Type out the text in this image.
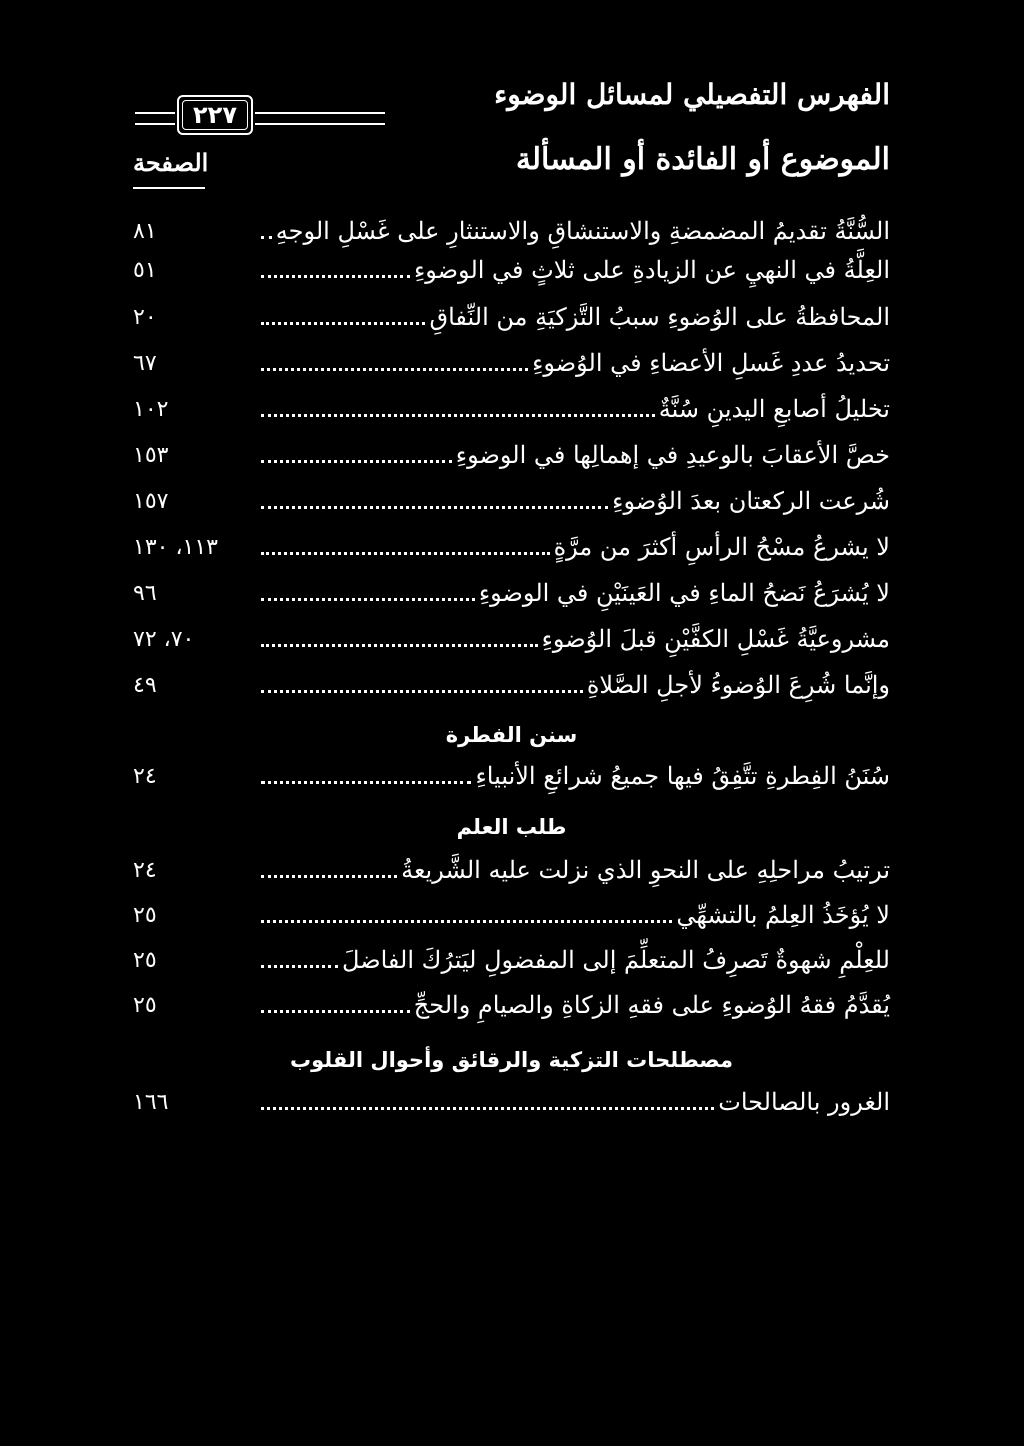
٢٢٧
الفهرس التفصيلي لمسائل الوضوء
الموضوع أو الفائدة أو المسألة
الصفحة
السُّنَّةُ تقديمُ المضمضةِ والاستنشاقِ والاستنثارِ على غَسْلِ الوجهِ
٨١
العِلَّةُ في النهيِ عن الزيادةِ على ثلاثٍ في الوضوءِ
٥١
المحافظةُ على الوُضوءِ سببُ التَّزكيَةِ من النِّفاقِ
٢٠
تحديدُ عددِ غَسلِ الأعضاءِ في الوُضوءِ
٦٧
تخليلُ أصابعِ اليدينِ سُنَّةٌ
١٠٢
خصَّ الأعقابَ بالوعيدِ في إهمالِها في الوضوءِ
١٥٣
شُرعت الركعتان بعدَ الوُضوءِ
١٥٧
لا يشرعُ مسْحُ الرأسِ أكثرَ من مرَّةٍ
١١٣، ١٣٠
لا يُشرَعُ نَضحُ الماءِ في العَينَيْنِ في الوضوءِ
٩٦
مشروعيَّةُ غَسْلِ الكفَّيْنِ قبلَ الوُضوءِ
٧٠، ٧٢
وإنَّما شُرِعَ الوُضوءُ لأجلِ الصَّلاةِ
٤٩
سنن الفطرة
سُنَنُ الفِطرةِ تتَّفِقُ فيها جميعُ شرائعِ الأنبياءِ
٢٤
طلب العلم
ترتيبُ مراحلِهِ على النحوِ الذي نزلت عليه الشَّريعةُ
٢٤
لا يُؤخَذُ العِلمُ بالتشهِّي
٢٥
للعِلْمِ شهوةٌ تَصرِفُ المتعلِّمَ إلى المفضولِ ليَترُكَ الفاضلَ
٢٥
يُقدَّمُ فقهُ الوُضوءِ على فقهِ الزكاةِ والصيامِ والحجِّ
٢٥
مصطلحات التزكية والرقائق وأحوال القلوب
الغرور بالصالحات
١٦٦
